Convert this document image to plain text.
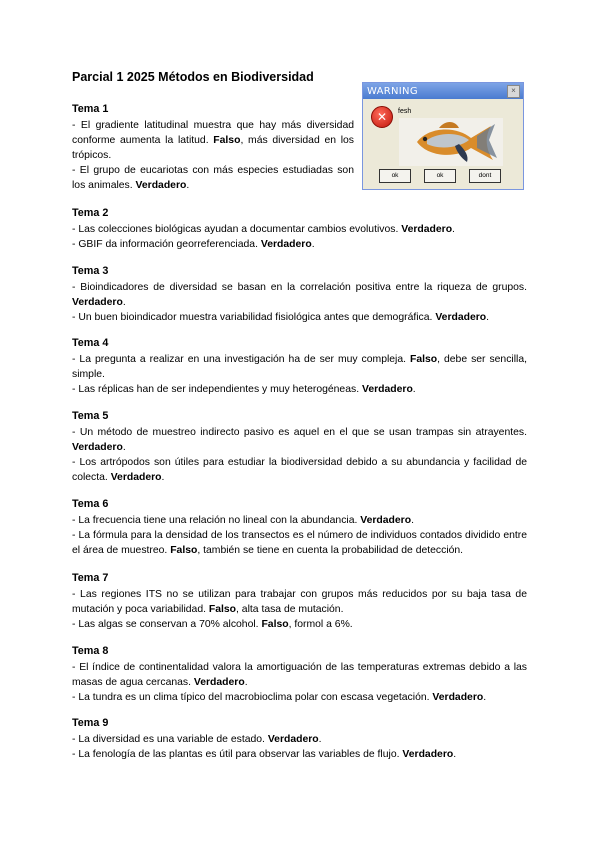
Parcial 1 2025 Métodos en Biodiversidad
WARNING	×
✕	fesh
ok	ok	dont
Tema 1

- El gradiente latitudinal muestra que hay más diversidad conforme aumenta la latitud. Falso, más diversidad en los trópicos.

- El grupo de eucariotas con más especies estudiadas son los animales. Verdadero.

Tema 2

- Las colecciones biológicas ayudan a documentar cambios evolutivos. Verdadero.

- GBIF da información georreferenciada. Verdadero.

Tema 3

- Bioindicadores de diversidad se basan en la correlación positiva entre la riqueza de grupos. Verdadero.

- Un buen bioindicador muestra variabilidad fisiológica antes que demográfica. Verdadero.

Tema 4

- La pregunta a realizar en una investigación ha de ser muy compleja. Falso, debe ser sencilla, simple.

- Las réplicas han de ser independientes y muy heterogéneas. Verdadero.

Tema 5

- Un método de muestreo indirecto pasivo es aquel en el que se usan trampas sin atrayentes. Verdadero.

- Los artrópodos son útiles para estudiar la biodiversidad debido a su abundancia y facilidad de colecta. Verdadero.

Tema 6

- La frecuencia tiene una relación no lineal con la abundancia. Verdadero.

- La fórmula para la densidad de los transectos es el número de individuos contados dividido entre el área de muestreo. Falso, también se tiene en cuenta la probabilidad de detección.

Tema 7

- Las regiones ITS no se utilizan para trabajar con grupos más reducidos por su baja tasa de mutación y poca variabilidad. Falso, alta tasa de mutación.

- Las algas se conservan a 70% alcohol. Falso, formol a 6%.

Tema 8

- El índice de continentalidad valora la amortiguación de las temperaturas extremas debido a las masas de agua cercanas. Verdadero.

- La tundra es un clima típico del macrobioclima polar con escasa vegetación. Verdadero.

Tema 9

- La diversidad es una variable de estado. Verdadero.

- La fenología de las plantas es útil para observar las variables de flujo. Verdadero.
